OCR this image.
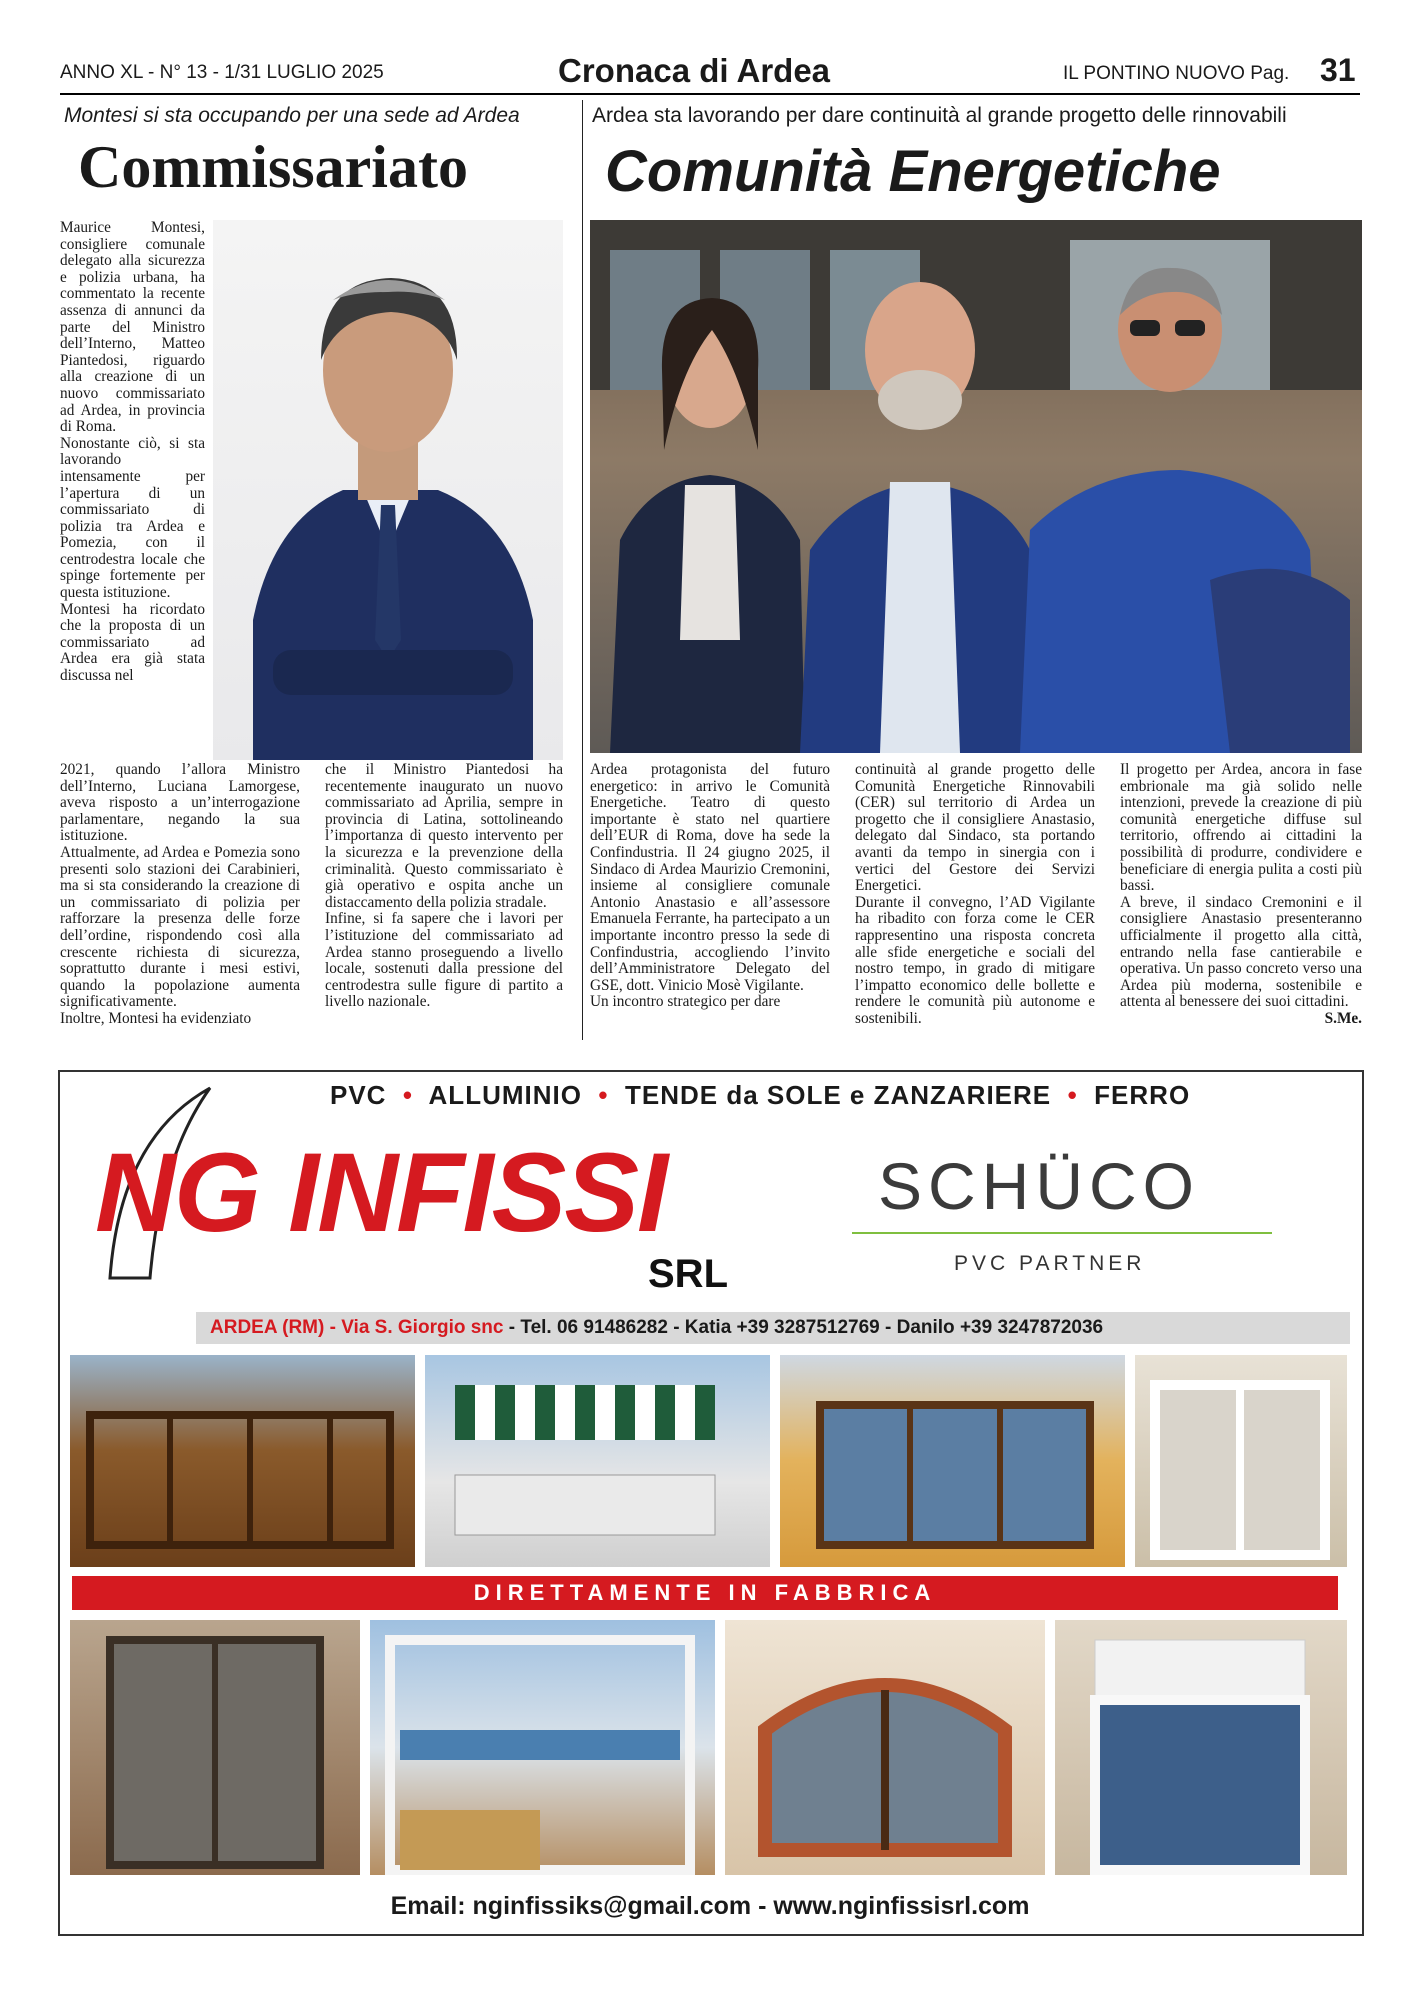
ANNO XL - N° 13 - 1/31 LUGLIO 2025	Cronaca di Ardea	IL PONTINO NUOVO Pag. 31
Montesi si sta occupando per una sede ad Ardea
Commissariato

Maurice Montesi, consigliere comunale delegato alla sicurezza e polizia urbana, ha commentato la recente assenza di annunci da parte del Ministro dell’Interno, Matteo Piantedosi, riguardo alla creazione di un nuovo commissariato ad Ardea, in provincia di Roma.

Nonostante ciò, si sta lavorando intensamente per l’apertura di un commissariato di polizia tra Ardea e Pomezia, con il centrodestra locale che spinge fortemente per questa istituzione.

Montesi ha ricordato che la proposta di un commissariato ad Ardea era già stata discussa nel

2021, quando l’allora Ministro dell’Interno, Luciana Lamorgese, aveva risposto a un’interrogazione parlamentare, negando la sua istituzione.

Attualmente, ad Ardea e Pomezia sono presenti solo stazioni dei Carabinieri, ma si sta considerando la creazione di un commissariato di polizia per rafforzare la presenza delle forze dell’ordine, rispondendo così alla crescente richiesta di sicurezza, soprattutto durante i mesi estivi, quando la popolazione aumenta significativamente.

Inoltre, Montesi ha evidenziato

che il Ministro Piantedosi ha recentemente inaugurato un nuovo commissariato ad Aprilia, sempre in provincia di Latina, sottolineando l’importanza di questo intervento per la sicurezza e la prevenzione della criminalità. Questo commissariato è già operativo e ospita anche un distaccamento della polizia stradale.

Infine, si fa sapere che i lavori per l’istituzione del commissariato ad Ardea stanno proseguendo a livello locale, sostenuti dalla pressione del centrodestra sulle figure di partito a livello nazionale.

Ardea sta lavorando per dare continuità al grande progetto delle rinnovabili
Comunità Energetiche

Ardea protagonista del futuro energetico: in arrivo le Comunità Energetiche. Teatro di questo importante è stato nel quartiere dell’EUR di Roma, dove ha sede la Confindustria. Il 24 giugno 2025, il Sindaco di Ardea Maurizio Cremonini, insieme al consigliere comunale Antonio Anastasio e all’assessore Emanuela Ferrante, ha partecipato a un importante incontro presso la sede di Confindustria, accogliendo l’invito dell’Amministratore Delegato del GSE, dott. Vinicio Mosè Vigilante.

Un incontro strategico per dare

continuità al grande progetto delle Comunità Energetiche Rinnovabili (CER) sul territorio di Ardea un progetto che il consigliere Anastasio, delegato dal Sindaco, sta portando avanti da tempo in sinergia con i vertici del Gestore dei Servizi Energetici.

Durante il convegno, l’AD Vigilante ha ribadito con forza come le CER rappresentino una risposta concreta alle sfide energetiche e sociali del nostro tempo, in grado di mitigare l’impatto economico delle bollette e rendere le comunità più autonome e sostenibili.

Il progetto per Ardea, ancora in fase embrionale ma già solido nelle intenzioni, prevede la creazione di più comunità energetiche diffuse sul territorio, offrendo ai cittadini la possibilità di produrre, condividere e beneficiare di energia pulita a costi più bassi.

A breve, il sindaco Cremonini e il consigliere Anastasio presenteranno ufficialmente il progetto alla città, entrando nella fase cantierabile e operativa. Un passo concreto verso una Ardea più moderna, sostenibile e attenta al benessere dei suoi cittadini.

S.Me.

PVC  •  ALLUMINIO  •  TENDE da SOLE e ZANZARIERE  •  FERRO
NG INFISSI
SRL
SCHÜCO
PVC PARTNER
ARDEA (RM) - Via S. Giorgio snc - Tel. 06 91486282 - Katia +39 3287512769 - Danilo +39 3247872036
DIRETTAMENTE IN FABBRICA
Email: nginfissiks@gmail.com - www.nginfissisrl.com
